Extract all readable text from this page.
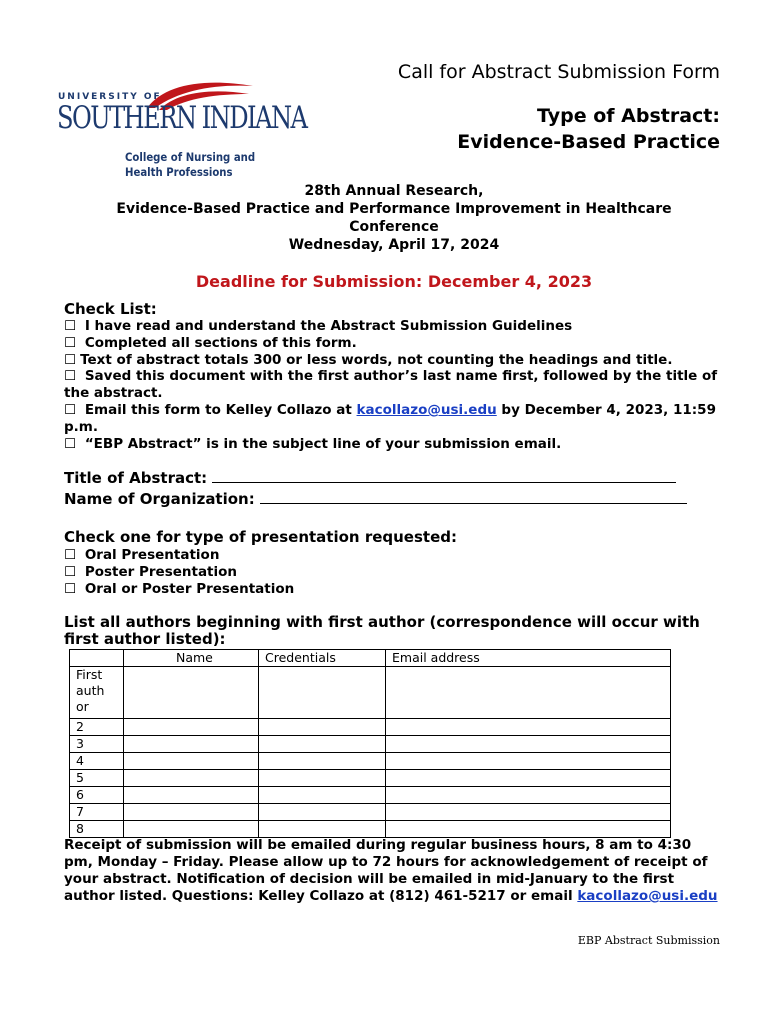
UNIVERSITY OF
SOUTHERN INDIANA
College of Nursing and
Health Professions
Call for Abstract Submission Form
Type of Abstract:
Evidence-Based Practice
28th Annual Research,
Evidence-Based Practice and Performance Improvement in Healthcare
Conference
Wednesday, April 17, 2024
Deadline for Submission: December 4, 2023
Check List:
☐ I have read and understand the Abstract Submission Guidelines
☐ Completed all sections of this form.
☐ Text of abstract totals 300 or less words, not counting the headings and title.
☐ Saved this document with the first author’s last name first, followed by the title of the abstract.
☐ Email this form to Kelley Collazo at kacollazo@usi.edu by December 4, 2023, 11:59 p.m.
☐ “EBP Abstract” is in the subject line of your submission email.
Title of Abstract:
Name of Organization:
Check one for type of presentation requested:
☐ Oral Presentation
☐ Poster Presentation
☐ Oral or Poster Presentation
List all authors beginning with first author (correspondence will occur with first author listed):
	Name	Credentials	Email address

First auth or			

2			
3			
4			
5			
6			
7			
8			
Receipt of submission will be emailed during regular business hours, 8 am to 4:30 pm, Monday – Friday. Please allow up to 72 hours for acknowledgement of receipt of your abstract. Notification of decision will be emailed in mid-January to the first author listed. Questions: Kelley Collazo at (812) 461-5217 or email kacollazo@usi.edu
EBP Abstract Submission
